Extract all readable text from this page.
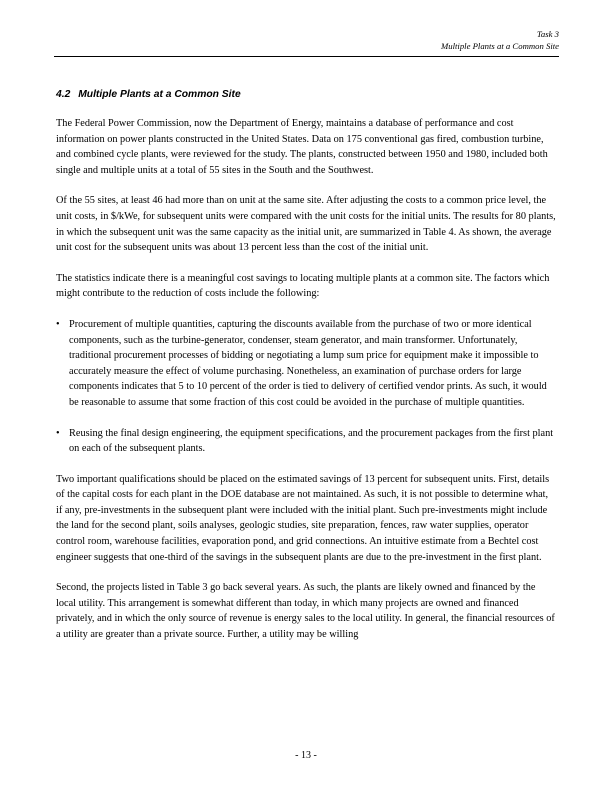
Task 3
Multiple Plants at a Common Site
4.2 Multiple Plants at a Common Site

The Federal Power Commission, now the Department of Energy, maintains a database of performance and cost information on power plants constructed in the United States. Data on 175 conventional gas fired, combustion turbine, and combined cycle plants, were reviewed for the study. The plants, constructed between 1950 and 1980, included both single and multiple units at a total of 55 sites in the South and the Southwest.

Of the 55 sites, at least 46 had more than on unit at the same site. After adjusting the costs to a common price level, the unit costs, in $/kWe, for subsequent units were compared with the unit costs for the initial units. The results for 80 plants, in which the subsequent unit was the same capacity as the initial unit, are summarized in Table 4. As shown, the average unit cost for the subsequent units was about 13 percent less than the cost of the initial unit.

The statistics indicate there is a meaningful cost savings to locating multiple plants at a common site. The factors which might contribute to the reduction of costs include the following:

• Procurement of multiple quantities, capturing the discounts available from the purchase of two or more identical components, such as the turbine-generator, condenser, steam generator, and main transformer. Unfortunately, traditional procurement processes of bidding or negotiating a lump sum price for equipment make it impossible to accurately measure the effect of volume purchasing. Nonetheless, an examination of purchase orders for large components indicates that 5 to 10 percent of the order is tied to delivery of certified vendor prints. As such, it would be reasonable to assume that some fraction of this cost could be avoided in the purchase of multiple quantities.
• Reusing the final design engineering, the equipment specifications, and the procurement packages from the first plant on each of the subsequent plants.

Two important qualifications should be placed on the estimated savings of 13 percent for subsequent units. First, details of the capital costs for each plant in the DOE database are not maintained. As such, it is not possible to determine what, if any, pre-investments in the subsequent plant were included with the initial plant. Such pre-investments might include the land for the second plant, soils analyses, geologic studies, site preparation, fences, raw water supplies, operator control room, warehouse facilities, evaporation pond, and grid connections. An intuitive estimate from a Bechtel cost engineer suggests that one-third of the savings in the subsequent plants are due to the pre-investment in the first plant.

Second, the projects listed in Table 3 go back several years. As such, the plants are likely owned and financed by the local utility. This arrangement is somewhat different than today, in which many projects are owned and financed privately, and in which the only source of revenue is energy sales to the local utility. In general, the financial resources of a utility are greater than a private source. Further, a utility may be willing

- 13 -
